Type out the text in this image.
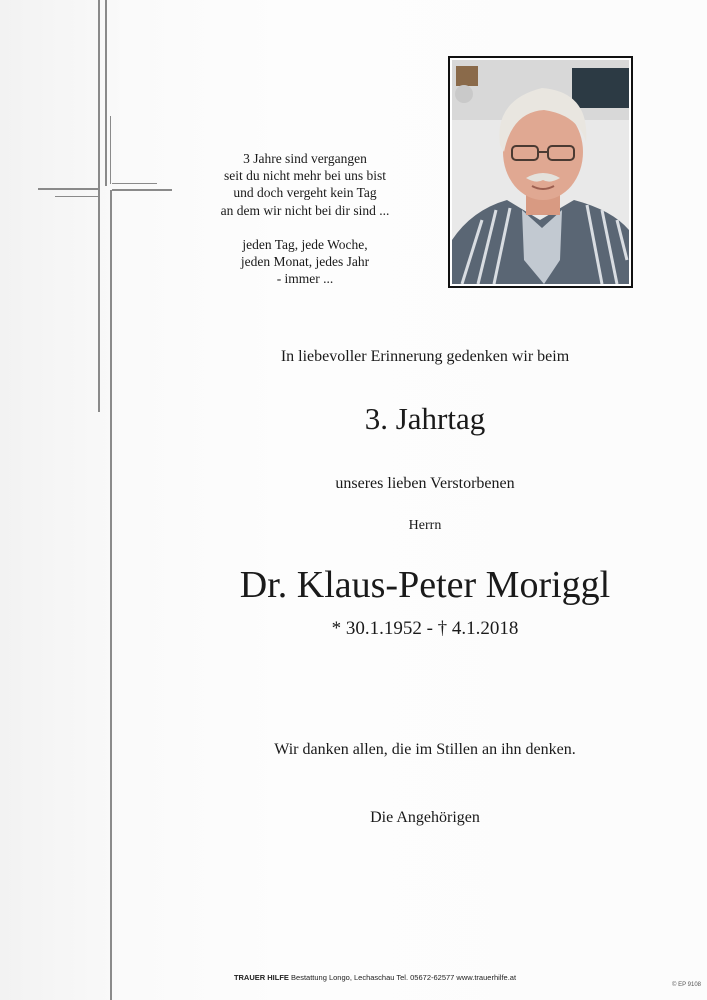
3 Jahre sind vergangen
seit du nicht mehr bei uns bist
und doch vergeht kein Tag
an dem wir nicht bei dir sind ...
jeden Tag, jede Woche,
jeden Monat, jedes Jahr
- immer ...
In liebevoller Erinnerung gedenken wir beim
3. Jahrtag
unseres lieben Verstorbenen
Herrn
Dr. Klaus-Peter Moriggl
* 30.1.1952 - † 4.1.2018
Wir danken allen, die im Stillen an ihn denken.
Die Angehörigen
TRAUER HILFE Bestattung Longo, Lechaschau Tel. 05672-62577 www.trauerhilfe.at
© EP 9108
